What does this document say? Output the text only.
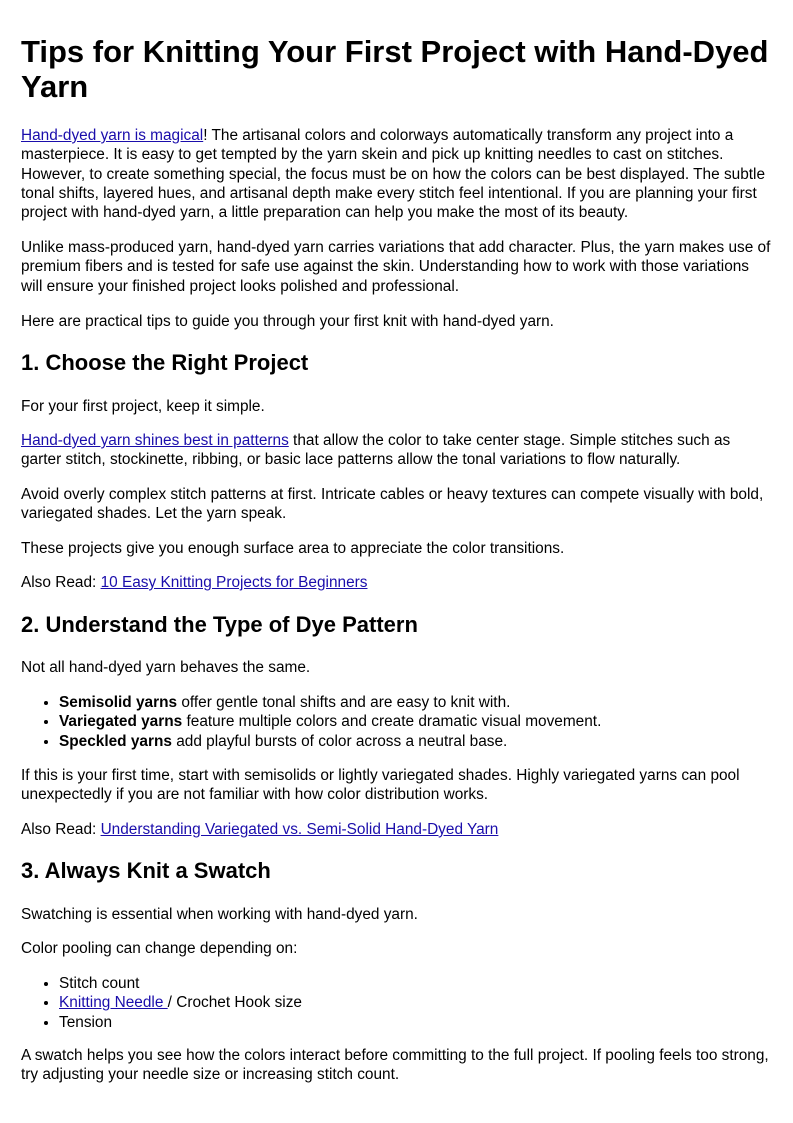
Tips for Knitting Your First Project with Hand-Dyed Yarn

Hand-dyed yarn is magical! The artisanal colors and colorways automatically transform any project into a masterpiece. It is easy to get tempted by the yarn skein and pick up knitting needles to cast on stitches. However, to create something special, the focus must be on how the colors can be best displayed. The subtle tonal shifts, layered hues, and artisanal depth make every stitch feel intentional. If you are planning your first project with hand-dyed yarn, a little preparation can help you make the most of its beauty.

Unlike mass-produced yarn, hand-dyed yarn carries variations that add character. Plus, the yarn makes use of premium fibers and is tested for safe use against the skin. Understanding how to work with those variations will ensure your finished project looks polished and professional.

Here are practical tips to guide you through your first knit with hand-dyed yarn.

1. Choose the Right Project

For your first project, keep it simple.

Hand-dyed yarn shines best in patterns that allow the color to take center stage. Simple stitches such as garter stitch, stockinette, ribbing, or basic lace patterns allow the tonal variations to flow naturally.

Avoid overly complex stitch patterns at first. Intricate cables or heavy textures can compete visually with bold, variegated shades. Let the yarn speak.

These projects give you enough surface area to appreciate the color transitions.

Also Read: 10 Easy Knitting Projects for Beginners

2. Understand the Type of Dye Pattern

Not all hand-dyed yarn behaves the same.

• Semisolid yarns offer gentle tonal shifts and are easy to knit with.
• Variegated yarns feature multiple colors and create dramatic visual movement.
• Speckled yarns add playful bursts of color across a neutral base.

If this is your first time, start with semisolids or lightly variegated shades. Highly variegated yarns can pool unexpectedly if you are not familiar with how color distribution works.

Also Read: Understanding Variegated vs. Semi-Solid Hand-Dyed Yarn

3. Always Knit a Swatch

Swatching is essential when working with hand-dyed yarn.

Color pooling can change depending on:

• Stitch count
• Knitting Needle / Crochet Hook size
• Tension

A swatch helps you see how the colors interact before committing to the full project. If pooling feels too strong, try adjusting your needle size or increasing stitch count.
